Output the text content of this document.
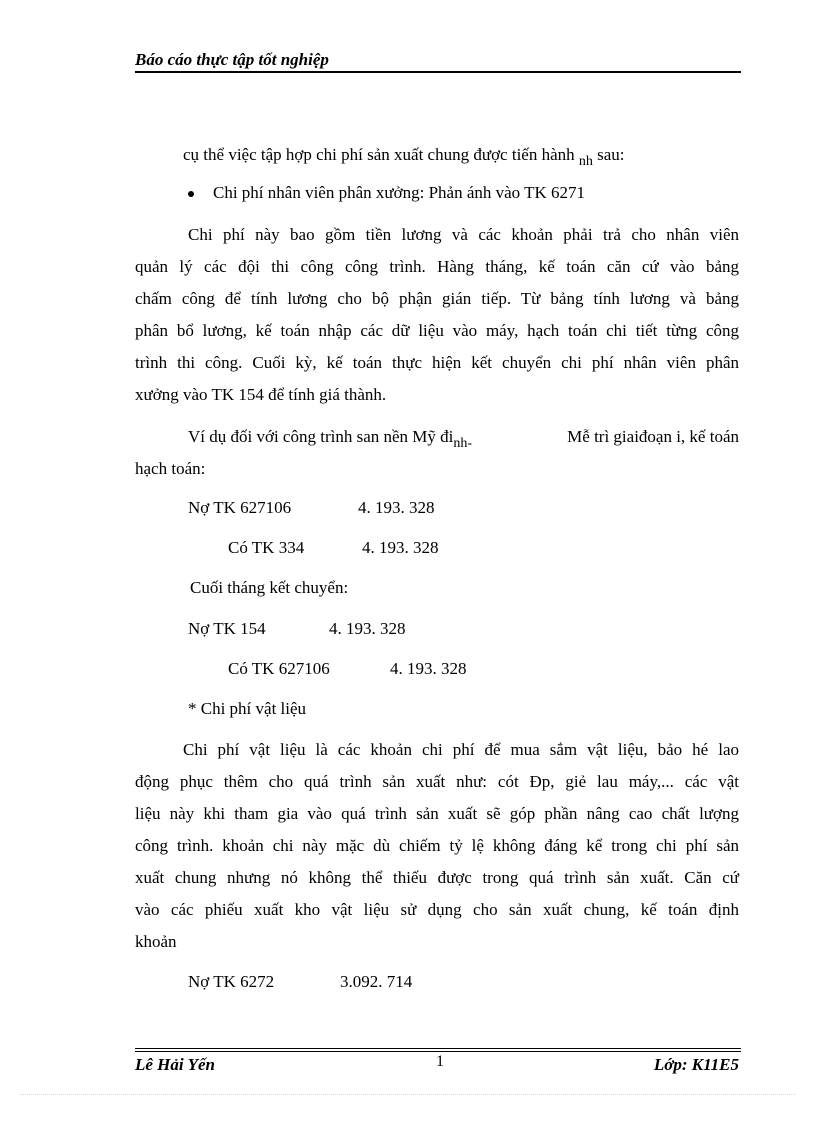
Báo cáo thực tập tốt nghiệp
cụ thể việc tập hợp chi phí sản xuất chung được tiến hành $_{nh}$ sau:
Chi phí nhân viên phân xưởng: Phản ánh vào TK 6271
Chi phí này bao gồm tiền lương và các khoản phải trả cho nhân viên
quản lý các đội thi công công trình. Hàng tháng, kế toán căn cứ vào bảng
chấm công để tính lương cho bộ phận gián tiếp. Từ bảng tính lương và bảng
phân bổ lương, kế toán nhập các dữ liệu vào máy, hạch toán chi tiết từng công
trình thi công. Cuối kỳ, kế toán thực hiện kết chuyển chi phí nhân viên phân
xưởng vào TK 154 để tính giá thành.
Ví dụ đối với công trình san nền Mỹ $đi_{nh-}$	Mễ trì giaiđoạn i, kế toán
hạch toán:
Nợ TK 627106	4. 193. 328
Có TK 334	4. 193. 328
Cuối tháng kết chuyển:
Nợ TK 154	4. 193. 328
Có TK 627106	4. 193. 328
* Chi phí vật liệu
Chi phí vật liệu là các khoản chi phí để mua sắm vật liệu, bảo hé lao
động phục thêm cho quá trình sản xuất như: cót Đp, giẻ lau máy,... các vật
liệu này khi tham gia vào quá trình sản xuất sẽ góp phần nâng cao chất lượng
công trình. khoản chi này mặc dù chiếm tỷ lệ không đáng kể trong chi phí sản
xuất chung nhưng nó không thể thiếu được trong quá trình sản xuất. Căn cứ
vào các phiếu xuất kho vật liệu sử dụng cho sản xuất chung, kế toán định
khoản
Nợ TK 6272	3.092. 714
Lê Hải Yến	1	Lớp: K11E5
